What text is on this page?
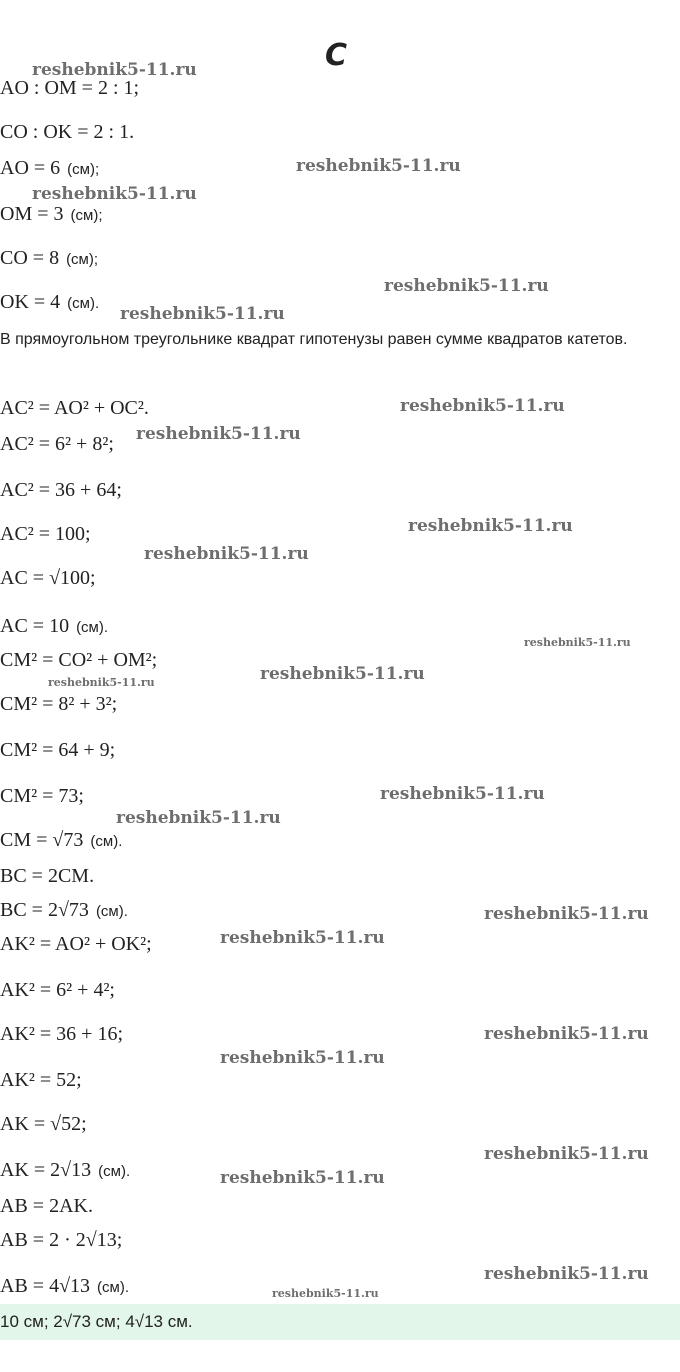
С
AO : OM = 2 : 1;
CO : OK = 2 : 1.
AO = 6 (см);
OM = 3 (см);
CO = 8 (см);
OK = 4 (см).
В прямоугольном треугольнике квадрат гипотенузы равен сумме квадратов катетов.
AC² = AO² + OC².
AC² = 6² + 8²;
AC² = 36 + 64;
AC² = 100;
AC = √100;
AC = 10 (см).
CM² = CO² + OM²;
CM² = 8² + 3²;
CM² = 64 + 9;
CM² = 73;
CM = √73 (см).
BC = 2CM.
BC = 2√73 (см).
AK² = AO² + OK²;
AK² = 6² + 4²;
AK² = 36 + 16;
AK² = 52;
AK = √52;
AK = 2√13 (см).
AB = 2AK.
AB = 2 · 2√13;
AB = 4√13 (см).
10 см; 2√73 см; 4√13 см.
reshebnik5-11.ru
reshebnik5-11.ru
reshebnik5-11.ru
reshebnik5-11.ru
reshebnik5-11.ru
reshebnik5-11.ru
reshebnik5-11.ru
reshebnik5-11.ru
reshebnik5-11.ru
reshebnik5-11.ru
reshebnik5-11.ru
reshebnik5-11.ru
reshebnik5-11.ru
reshebnik5-11.ru
reshebnik5-11.ru
reshebnik5-11.ru
reshebnik5-11.ru
reshebnik5-11.ru
reshebnik5-11.ru
reshebnik5-11.ru
reshebnik5-11.ru
reshebnik5-11.ru
